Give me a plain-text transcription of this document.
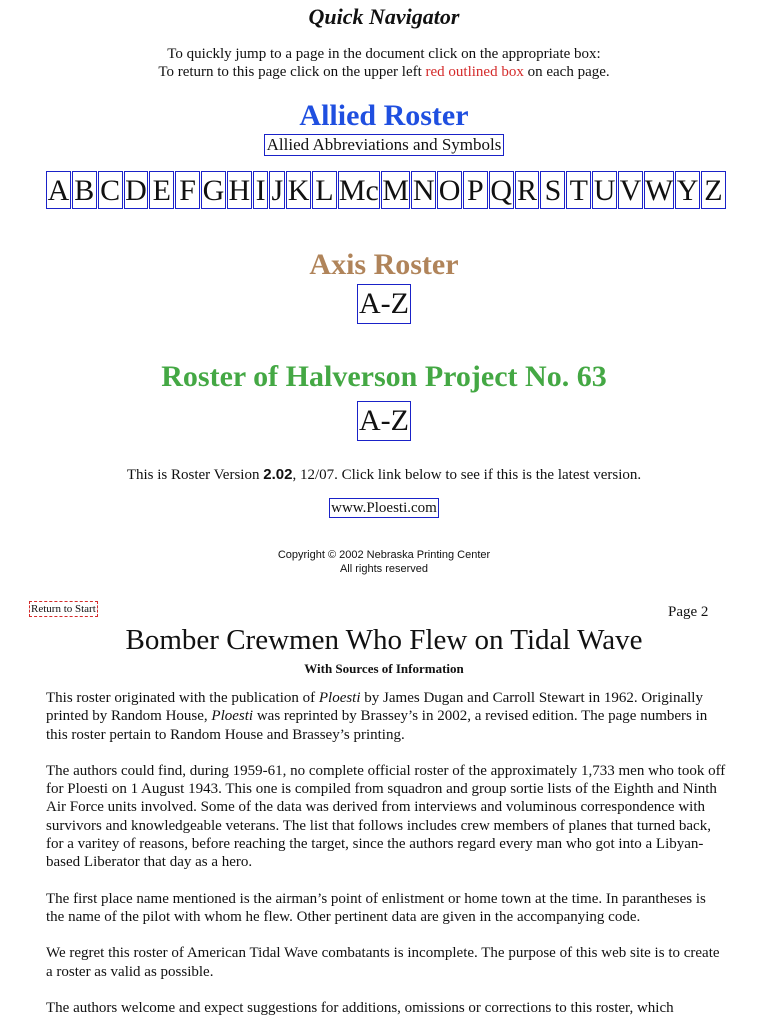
Quick Navigator
To quickly jump to a page in the document click on the appropriate box:
To return to this page click on the upper left red outlined box on each page.
Allied Roster
Allied Abbreviations and Symbols
A B C D E F G H I J K L Mc M N O P Q R S T U V W Y Z
Axis Roster
A-Z
Roster of Halverson Project No. 63
A-Z
This is Roster Version 2.02, 12/07. Click link below to see if this is the latest version.
www.Ploesti.com
Copyright © 2002 Nebraska Printing Center
All rights reserved
Return to Start	Page 2
Bomber Crewmen Who Flew on Tidal Wave
With Sources of Information

This roster originated with the publication of Ploesti by James Dugan and Carroll Stewart in 1962. Originally printed by Random House, Ploesti was reprinted by Brassey’s in 2002, a revised edition. The page numbers in this roster pertain to Random House and Brassey’s printing.

The authors could find, during 1959-61, no complete official roster of the approximately 1,733 men who took off for Ploesti on 1 August 1943. This one is compiled from squadron and group sortie lists of the Eighth and Ninth Air Force units involved. Some of the data was derived from interviews and voluminous correspondence with survivors and knowledgeable veterans. The list that follows includes crew members of planes that turned back, for a varitey of reasons, before reaching the target, since the authors regard every man who got into a Libyan-based Liberator that day as a hero.

The first place name mentioned is the airman’s point of enlistment or home town at the time. In parantheses is the name of the pilot with whom he flew. Other pertinent data are given in the accompanying code.

We regret this roster of American Tidal Wave combatants is incomplete. The purpose of this web site is to create a roster as valid as possible.

The authors welcome and expect suggestions for additions, omissions or corrections to this roster, which
